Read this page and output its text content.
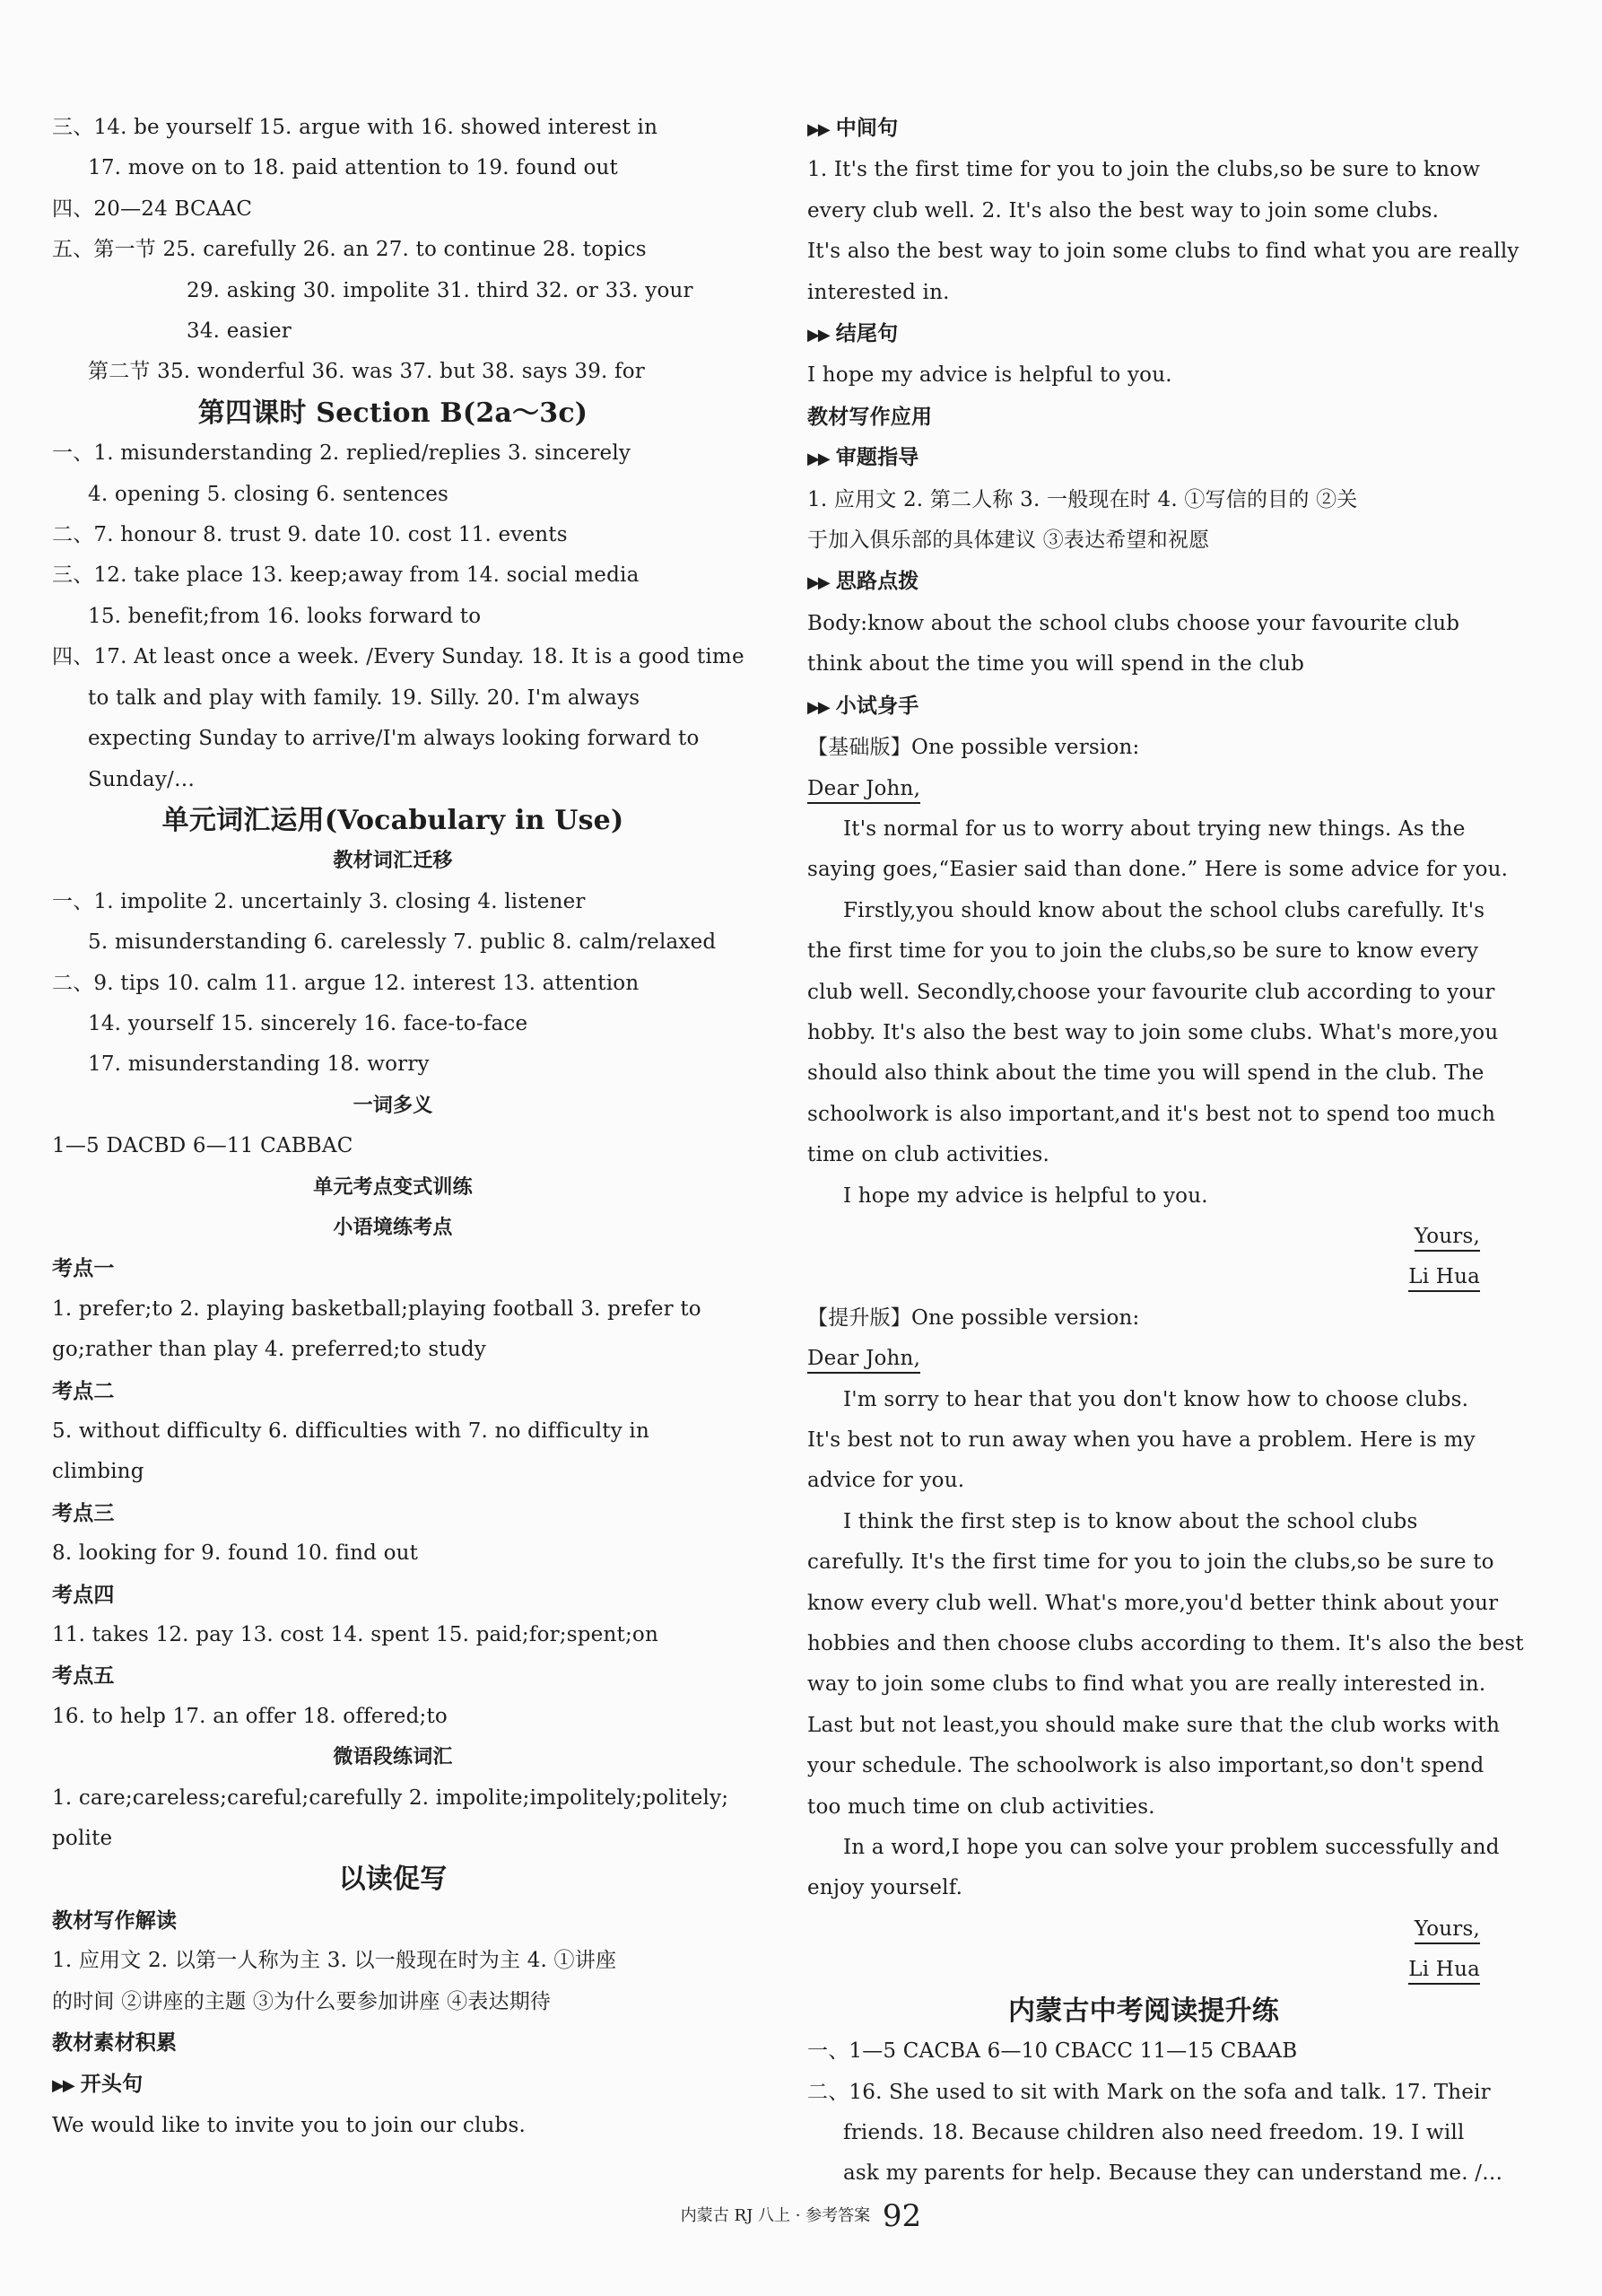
三、14. be yourself 15. argue with 16. showed interest in

17. move on to 18. paid attention to 19. found out

四、20—24 BCAAC

五、第一节 25. carefully 26. an 27. to continue 28. topics

29. asking 30. impolite 31. third 32. or 33. your

34. easier

第二节 35. wonderful 36. was 37. but 38. says 39. for

第四课时 Section B(2a～3c)

一、1. misunderstanding 2. replied/replies 3. sincerely

4. opening 5. closing 6. sentences

二、7. honour 8. trust 9. date 10. cost 11. events

三、12. take place 13. keep;away from 14. social media

15. benefit;from 16. looks forward to

四、17. At least once a week. /Every Sunday. 18. It is a good time

to talk and play with family. 19. Silly. 20. I'm always

expecting Sunday to arrive/I'm always looking forward to

Sunday/…

单元词汇运用(Vocabulary in Use)

教材词汇迁移

一、1. impolite 2. uncertainly 3. closing 4. listener

5. misunderstanding 6. carelessly 7. public 8. calm/relaxed

二、9. tips 10. calm 11. argue 12. interest 13. attention

14. yourself 15. sincerely 16. face-to-face

17. misunderstanding 18. worry

一词多义

1—5 DACBD 6—11 CABBAC

单元考点变式训练

小语境练考点

考点一

1. prefer;to 2. playing basketball;playing football 3. prefer to

go;rather than play 4. preferred;to study

考点二

5. without difficulty 6. difficulties with 7. no difficulty in

climbing

考点三

8. looking for 9. found 10. find out

考点四

11. takes 12. pay 13. cost 14. spent 15. paid;for;spent;on

考点五

16. to help 17. an offer 18. offered;to

微语段练词汇

1. care;careless;careful;carefully 2. impolite;impolitely;politely;

polite

以读促写

教材写作解读

1. 应用文 2. 以第一人称为主 3. 以一般现在时为主 4. ①讲座

的时间 ②讲座的主题 ③为什么要参加讲座 ④表达期待

教材素材积累

▶▶ 开头句

We would like to invite you to join our clubs.

▶▶ 中间句

1. It's the first time for you to join the clubs,so be sure to know

every club well. 2. It's also the best way to join some clubs.

It's also the best way to join some clubs to find what you are really

interested in.

▶▶ 结尾句

I hope my advice is helpful to you.

教材写作应用

▶▶ 审题指导

1. 应用文 2. 第二人称 3. 一般现在时 4. ①写信的目的 ②关

于加入俱乐部的具体建议 ③表达希望和祝愿

▶▶ 思路点拨

Body:know about the school clubs choose your favourite club

think about the time you will spend in the club

▶▶ 小试身手

【基础版】One possible version:

Dear John,

It's normal for us to worry about trying new things. As the

saying goes,“Easier said than done.” Here is some advice for you.

Firstly,you should know about the school clubs carefully. It's

the first time for you to join the clubs,so be sure to know every

club well. Secondly,choose your favourite club according to your

hobby. It's also the best way to join some clubs. What's more,you

should also think about the time you will spend in the club. The

schoolwork is also important,and it's best not to spend too much

time on club activities.

I hope my advice is helpful to you.

Yours,

Li Hua

【提升版】One possible version:

Dear John,

I'm sorry to hear that you don't know how to choose clubs.

It's best not to run away when you have a problem. Here is my

advice for you.

I think the first step is to know about the school clubs

carefully. It's the first time for you to join the clubs,so be sure to

know every club well. What's more,you'd better think about your

hobbies and then choose clubs according to them. It's also the best

way to join some clubs to find what you are really interested in.

Last but not least,you should make sure that the club works with

your schedule. The schoolwork is also important,so don't spend

too much time on club activities.

In a word,I hope you can solve your problem successfully and

enjoy yourself.

Yours,

Li Hua

内蒙古中考阅读提升练

一、1—5 CACBA 6—10 CBACC 11—15 CBAAB

二、16. She used to sit with Mark on the sofa and talk. 17. Their

friends. 18. Because children also need freedom. 19. I will

ask my parents for help. Because they can understand me. /…

内蒙古 RJ 八上 · 参考答案 92
